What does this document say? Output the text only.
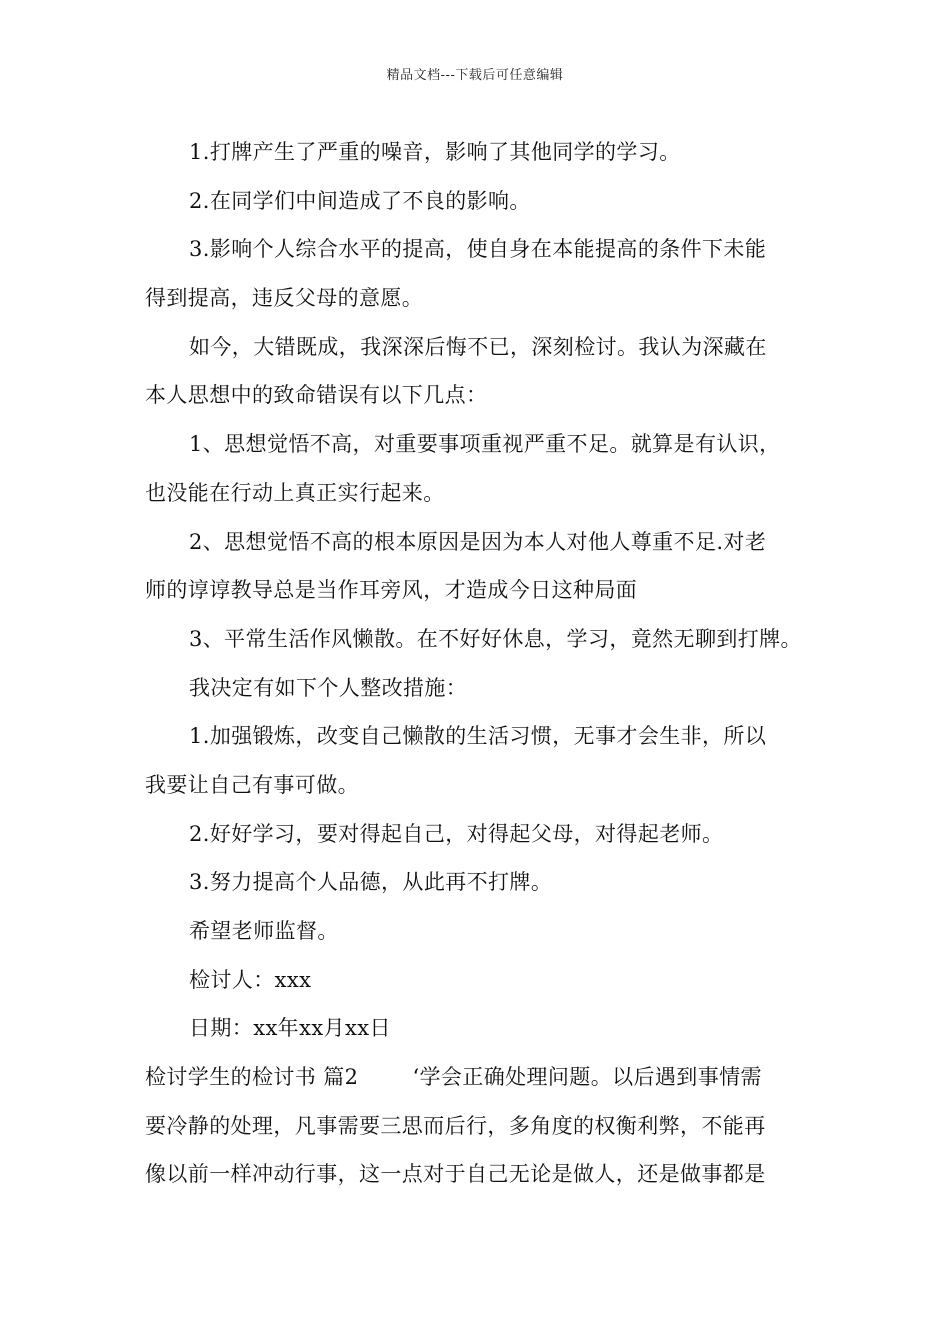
精品文档---下载后可任意编辑
1.打牌产生了严重的噪音，影响了其他同学的学习。
2.在同学们中间造成了不良的影响。
3.影响个人综合水平的提高，使自身在本能提高的条件下未能
得到提高，违反父母的意愿。
如今，大错既成，我深深后悔不已，深刻检讨。我认为深藏在
本人思想中的致命错误有以下几点：
1、思想觉悟不高，对重要事项重视严重不足。就算是有认识，
也没能在行动上真正实行起来。
2、思想觉悟不高的根本原因是因为本人对他人尊重不足.对老
师的谆谆教导总是当作耳旁风，才造成今日这种局面
3、平常生活作风懒散。在不好好休息，学习，竟然无聊到打牌。
我决定有如下个人整改措施：
1.加强锻炼，改变自己懒散的生活习惯，无事才会生非，所以
我要让自己有事可做。
2.好好学习，要对得起自己，对得起父母，对得起老师。
3.努力提高个人品德，从此再不打牌。
希望老师监督。
检讨人：xxx
日期：xx年xx月xx日
检讨学生的检讨书 篇2	‘学会正确处理问题。以后遇到事情需
要冷静的处理，凡事需要三思而后行，多角度的权衡利弊，不能再
像以前一样冲动行事，这一点对于自己无论是做人，还是做事都是
